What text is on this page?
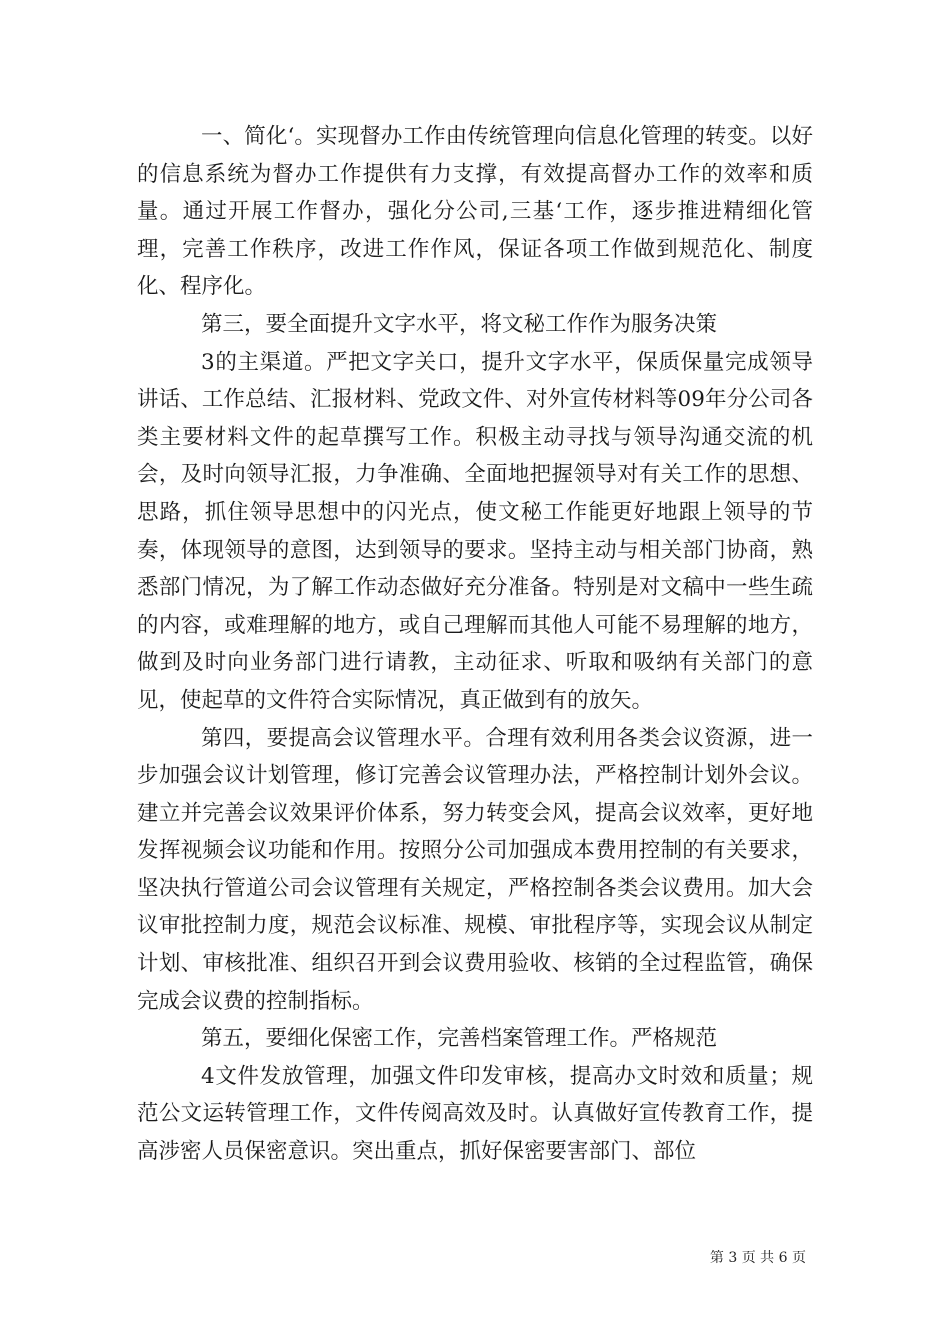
一、简化‘。实现督办工作由传统管理向信息化管理的转变。以好的信息系统为督办工作提供有力支撑，有效提高督办工作的效率和质量。通过开展工作督办，强化分公司,三基‘工作，逐步推进精细化管理，完善工作秩序，改进工作作风，保证各项工作做到规范化、制度化、程序化。

第三，要全面提升文字水平，将文秘工作作为服务决策

3的主渠道。严把文字关口，提升文字水平，保质保量完成领导讲话、工作总结、汇报材料、党政文件、对外宣传材料等09年分公司各类主要材料文件的起草撰写工作。积极主动寻找与领导沟通交流的机会，及时向领导汇报，力争准确、全面地把握领导对有关工作的思想、思路，抓住领导思想中的闪光点，使文秘工作能更好地跟上领导的节奏，体现领导的意图，达到领导的要求。坚持主动与相关部门协商，熟悉部门情况，为了解工作动态做好充分准备。特别是对文稿中一些生疏的内容，或难理解的地方，或自己理解而其他人可能不易理解的地方，做到及时向业务部门进行请教，主动征求、听取和吸纳有关部门的意见，使起草的文件符合实际情况，真正做到有的放矢。

第四，要提高会议管理水平。合理有效利用各类会议资源，进一步加强会议计划管理，修订完善会议管理办法，严格控制计划外会议。建立并完善会议效果评价体系，努力转变会风，提高会议效率，更好地发挥视频会议功能和作用。按照分公司加强成本费用控制的有关要求，坚决执行管道公司会议管理有关规定，严格控制各类会议费用。加大会议审批控制力度，规范会议标准、规模、审批程序等，实现会议从制定计划、审核批准、组织召开到会议费用验收、核销的全过程监管，确保完成会议费的控制指标。

第五，要细化保密工作，完善档案管理工作。严格规范

4文件发放管理，加强文件印发审核，提高办文时效和质量；规范公文运转管理工作，文件传阅高效及时。认真做好宣传教育工作，提高涉密人员保密意识。突出重点，抓好保密要害部门、部位

第 3 页 共 6 页
